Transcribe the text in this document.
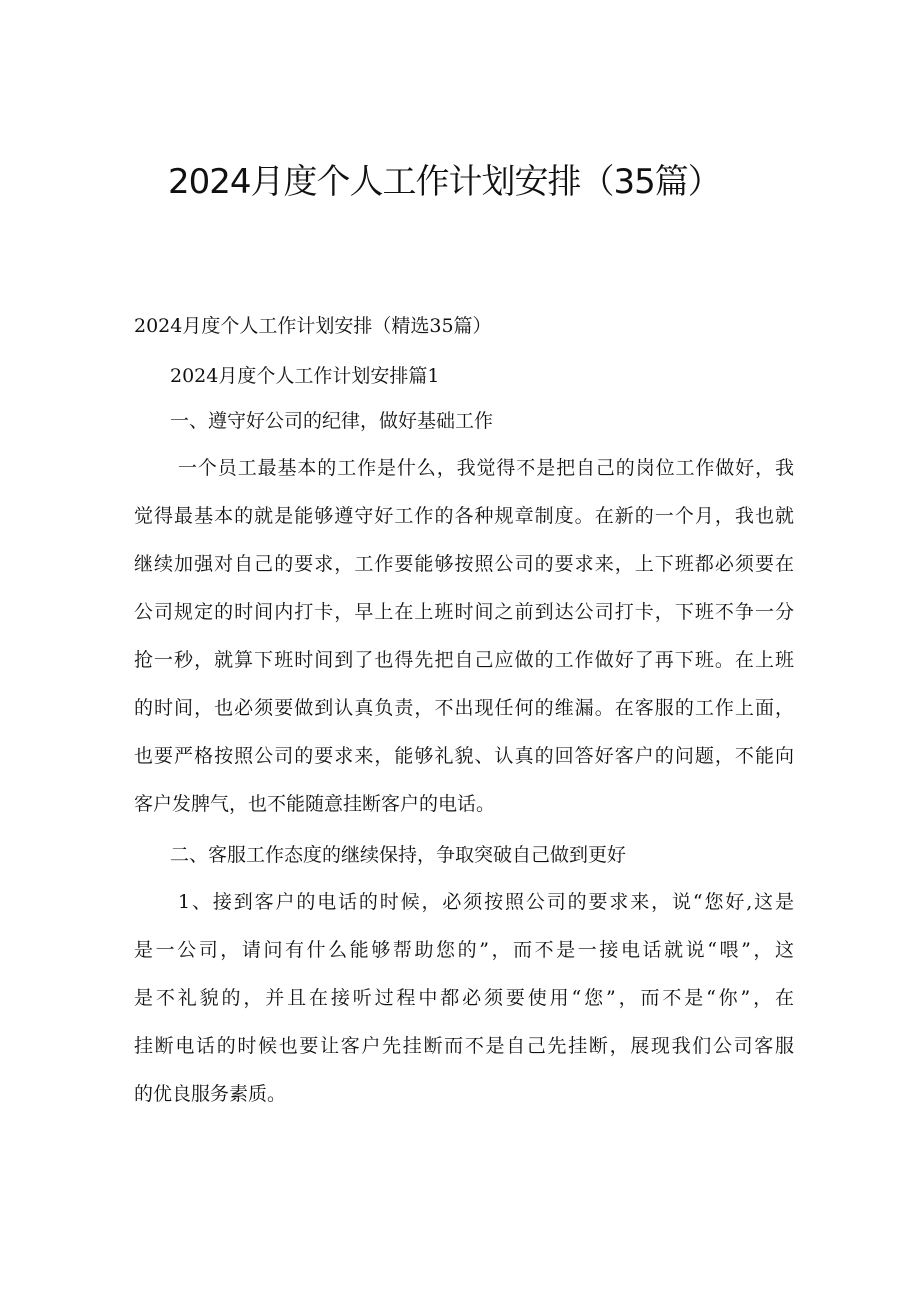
2024月度个人工作计划安排（35篇）

2024月度个人工作计划安排（精选35篇）

2024月度个人工作计划安排篇1

一、遵守好公司的纪律，做好基础工作

一个员工最基本的工作是什么，我觉得不是把自己的岗位工作做好，我
觉得最基本的就是能够遵守好工作的各种规章制度。在新的一个月，我也就
继续加强对自己的要求，工作要能够按照公司的要求来，上下班都必须要在
公司规定的时间内打卡，早上在上班时间之前到达公司打卡，下班不争一分
抢一秒，就算下班时间到了也得先把自己应做的工作做好了再下班。在上班
的时间，也必须要做到认真负责，不出现任何的维漏。在客服的工作上面，
也要严格按照公司的要求来，能够礼貌、认真的回答好客户的问题，不能向
客户发脾气，也不能随意挂断客户的电话。

二、客服工作态度的继续保持，争取突破自己做到更好

1、接到客户的电话的时候，必须按照公司的要求来，说“您好,这是
是一公司，请问有什么能够帮助您的”，而不是一接电话就说“喂”，这
是不礼貌的，并且在接听过程中都必须要使用“您”，而不是“你”，在
挂断电话的时候也要让客户先挂断而不是自己先挂断，展现我们公司客服
的优良服务素质。
